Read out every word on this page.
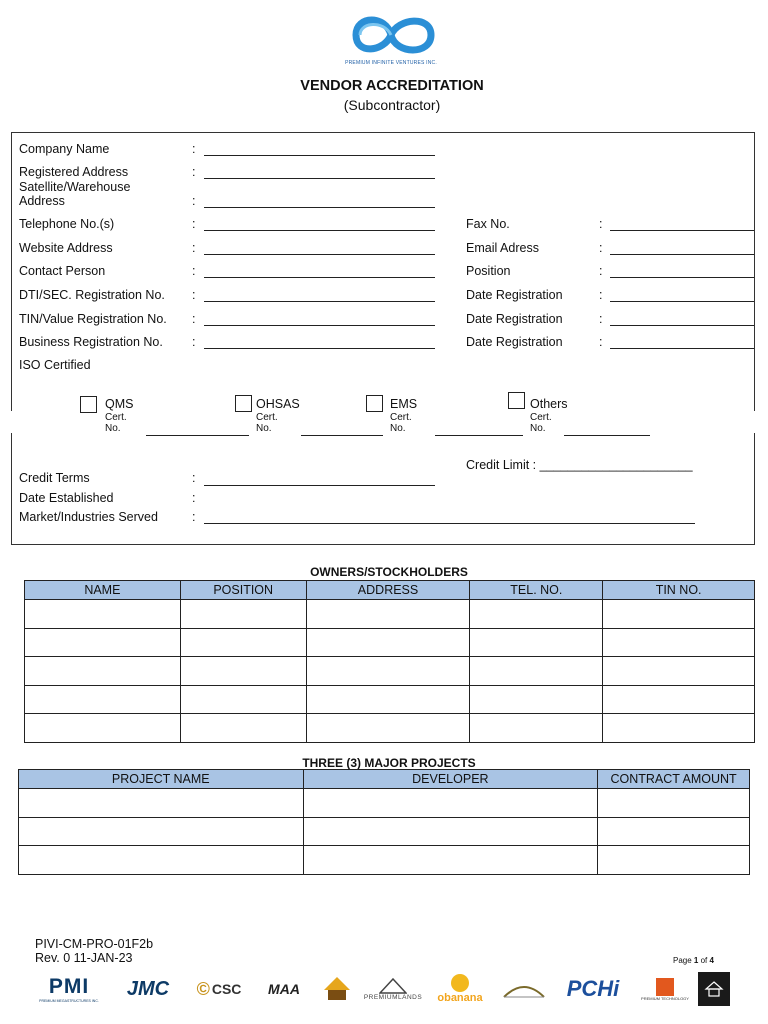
PREMIUM INFINITE VENTURES INC.
VENDOR ACCREDITATION
(Subcontractor)
Company Name	:
Registered Address	:
Satellite/Warehouse
Address	:
Telephone No.(s)	:	Fax No.	:
Website Address	:	Email Adress	:
Contact Person	:	Position	:
DTI/SEC. Registration No. :	Date Registration	:
TIN/Value Registration No. :	Date Registration	:
Business Registration No. :	Date Registration	:
ISO Certified
QMS
Cert.
No.
OHSAS
Cert.
No.
EMS
Cert.
No.
Others
Cert.
No.
Credit Limit : ______________________
Credit Terms	:
Date Established	:
Market/Industries Served	:
OWNERS/STOCKHOLDERS
NAME	POSITION	ADDRESS	TEL. NO.	TIN NO.

THREE (3) MAJOR PROJECTS
PROJECT NAME	DEVELOPER	CONTRACT AMOUNT

PIVI-CM-PRO-01F2b
Rev. 0 11-JAN-23	Page 1 of 4
PMI
PREMIUM MEGASTRUCTURES INC.
JMC	© CSC	MAA	PREMIUMLANDS obanana	PCHi	PREMIUM TECHNOLOGY
